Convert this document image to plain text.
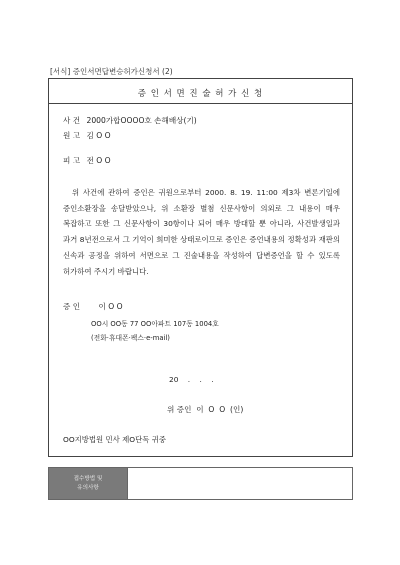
[서식] 증인서면답변승허가신청서 (2)
증 인 서 면 진 술 허 가 신 청
사 건 2000가합OOOO호 손해배상(기)
원 고 김 O O
피 고 전 O O
위 사건에 관하여 증인은 귀원으로부터 2000. 8. 19. 11:00 제3차 변론기일에 증인소환장을 송달받았으나, 위 소환장 별첨 신문사항이 의외로 그 내용이 매우 복잡하고 또한 그 신문사항이 30항이나 되어 매우 방대할 뿐 아니라, 사건발생일과 과거 8년전으로서 그 기억이 희미한 상태로이므로 증인은 증언내용의 정확성과 재판의 신속과 공정을 위하여 서면으로 그 진술내용을 작성하여 답변증언을 할 수 있도록 허가하여 주시기 바랍니다.
증 인 이 O O
OO시 OO동 77 OO아파트 107동 1004호
(전화·휴대폰·팩스·e-mail)
20    .    .    .
위 증인  이  O  O  (인)
OO지방법원 민사 제O단독 귀중
접수방법 및
유의사항
